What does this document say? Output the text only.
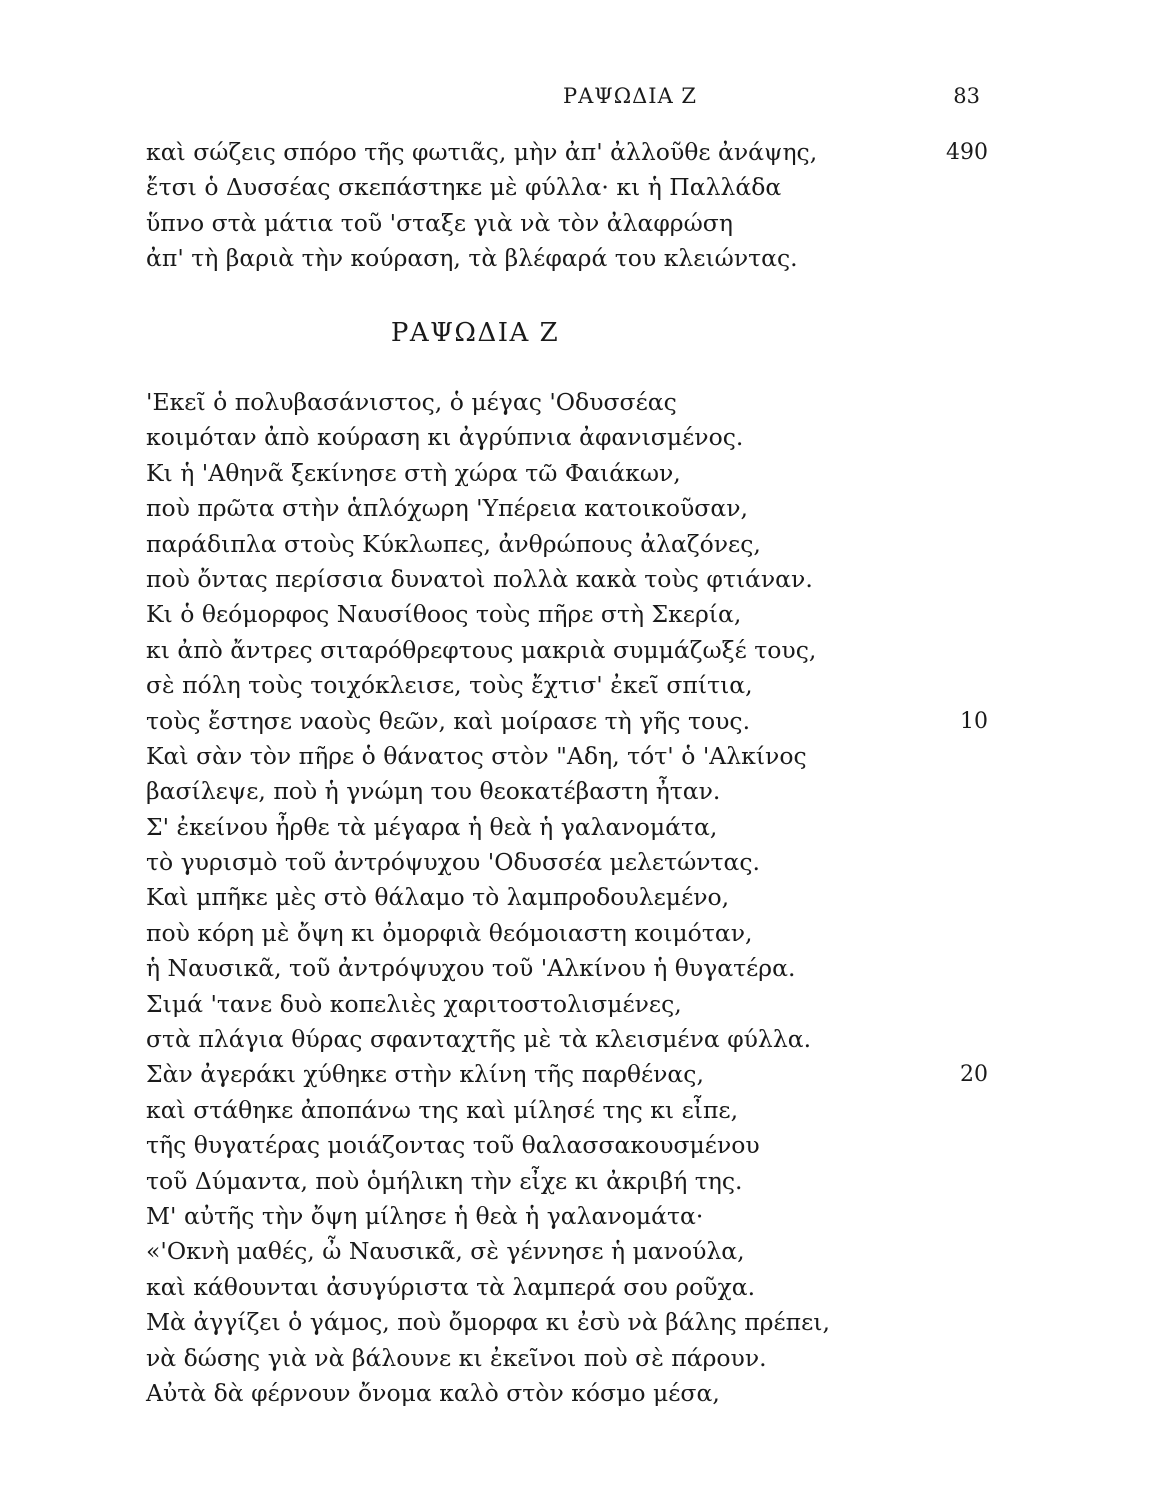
ΡΑΨΩΔΙΑ Ζ	83
καὶ σώζεις σπόρο τῆς φωτιᾶς, μὴν ἀπ' ἀλλοῦθε ἀνάψης,	490
ἔτσι ὁ Δυσσέας σκεπάστηκε μὲ φύλλα· κι ἡ Παλλάδα
ὕπνο στὰ μάτια τοῦ 'σταξε γιὰ νὰ τὸν ἀλαφρώση
ἀπ' τὴ βαριὰ τὴν κούραση, τὰ βλέφαρά του κλειώντας.
ΡΑΨΩΔΙΑ Ζ
'Εκεῖ ὁ πολυβασάνιστος, ὁ μέγας 'Οδυσσέας
κοιμόταν ἀπὸ κούραση κι ἀγρύπνια ἀφανισμένος.
Κι ἡ 'Αθηνᾶ ξεκίνησε στὴ χώρα τῶ Φαιάκων,
ποὺ πρῶτα στὴν ἁπλόχωρη 'Υπέρεια κατοικοῦσαν,
παράδιπλα στοὺς Κύκλωπες, ἀνθρώπους ἀλαζόνες,
ποὺ ὄντας περίσσια δυνατοὶ πολλὰ κακὰ τοὺς φτιάναν.
Κι ὁ θεόμορφος Ναυσίθοος τοὺς πῆρε στὴ Σκερία,
κι ἀπὸ ἄντρες σιταρόθρεφτους μακριὰ συμμάζωξέ τους,
σὲ πόλη τοὺς τοιχόκλεισε, τοὺς ἔχτισ' ἐκεῖ σπίτια,
τοὺς ἔστησε ναοὺς θεῶν, καὶ μοίρασε τὴ γῆς τους.	10
Καὶ σὰν τὸν πῆρε ὁ θάνατος στὸν "Αδη, τότ' ὁ 'Αλκίνος
βασίλεψε, ποὺ ἡ γνώμη του θεοκατέβαστη ἦταν.
Σ' ἐκείνου ἦρθε τὰ μέγαρα ἡ θεὰ ἡ γαλανομάτα,
τὸ γυρισμὸ τοῦ ἀντρόψυχου 'Οδυσσέα μελετώντας.
Καὶ μπῆκε μὲς στὸ θάλαμο τὸ λαμπροδουλεμένο,
ποὺ κόρη μὲ ὄψη κι ὀμορφιὰ θεόμοιαστη κοιμόταν,
ἡ Ναυσικᾶ, τοῦ ἀντρόψυχου τοῦ 'Αλκίνου ἡ θυγατέρα.
Σιμά 'τανε δυὸ κοπελιὲς χαριτοστολισμένες,
στὰ πλάγια θύρας σφανταχτῆς μὲ τὰ κλεισμένα φύλλα.
Σὰν ἀγεράκι χύθηκε στὴν κλίνη τῆς παρθένας,	20
καὶ στάθηκε ἀποπάνω της καὶ μίλησέ της κι εἶπε,
τῆς θυγατέρας μοιάζοντας τοῦ θαλασσακουσμένου
τοῦ Δύμαντα, ποὺ ὁμήλικη τὴν εἶχε κι ἀκριβή της.
Μ' αὐτῆς τὴν ὄψη μίλησε ἡ θεὰ ἡ γαλανομάτα·
«'Οκνὴ μαθές, ὦ Ναυσικᾶ, σὲ γέννησε ἡ μανούλα,
καὶ κάθουνται ἀσυγύριστα τὰ λαμπερά σου ροῦχα.
Μὰ ἀγγίζει ὁ γάμος, ποὺ ὄμορφα κι ἐσὺ νὰ βάλης πρέπει,
νὰ δώσης γιὰ νὰ βάλουνε κι ἐκεῖνοι ποὺ σὲ πάρουν.
Αὐτὰ δὰ φέρνουν ὄνομα καλὸ στὸν κόσμο μέσα,
